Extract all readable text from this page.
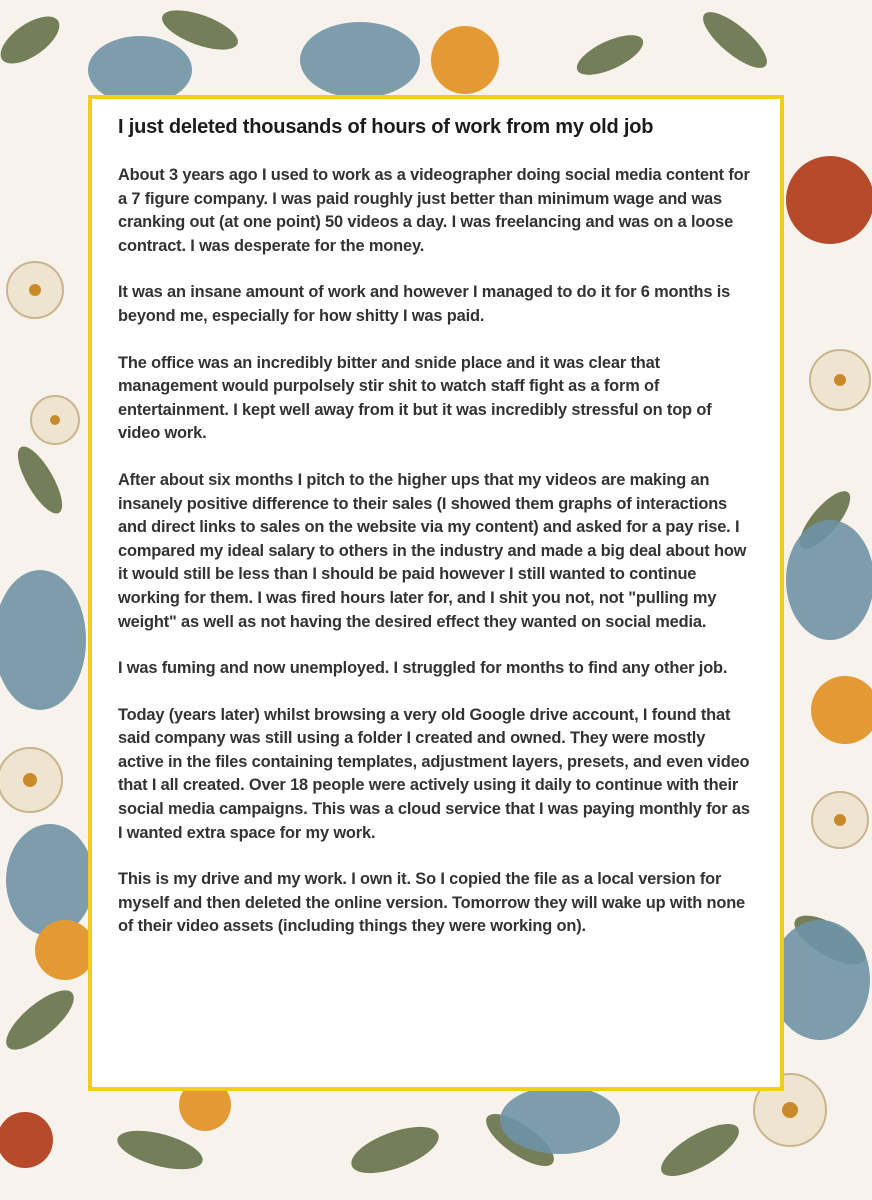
I just deleted thousands of hours of work from my old job

About 3 years ago I used to work as a videographer doing social media content for a 7 figure company. I was paid roughly just better than minimum wage and was cranking out (at one point) 50 videos a day. I was freelancing and was on a loose contract. I was desperate for the money.

It was an insane amount of work and however I managed to do it for 6 months is beyond me, especially for how shitty I was paid.

The office was an incredibly bitter and snide place and it was clear that management would purpolsely stir shit to watch staff fight as a form of entertainment. I kept well away from it but it was incredibly stressful on top of video work.

After about six months I pitch to the higher ups that my videos are making an insanely positive difference to their sales (I showed them graphs of interactions and direct links to sales on the website via my content) and asked for a pay rise. I compared my ideal salary to others in the industry and made a big deal about how it would still be less than I should be paid however I still wanted to continue working for them. I was fired hours later for, and I shit you not, not "pulling my weight" as well as not having the desired effect they wanted on social media.

I was fuming and now unemployed. I struggled for months to find any other job.

Today (years later) whilst browsing a very old Google drive account, I found that said company was still using a folder I created and owned. They were mostly active in the files containing templates, adjustment layers, presets, and even video that I all created. Over 18 people were actively using it daily to continue with their social media campaigns. This was a cloud service that I was paying monthly for as I wanted extra space for my work.

This is my drive and my work. I own it. So I copied the file as a local version for myself and then deleted the online version. Tomorrow they will wake up with none of their video assets (including things they were working on).
